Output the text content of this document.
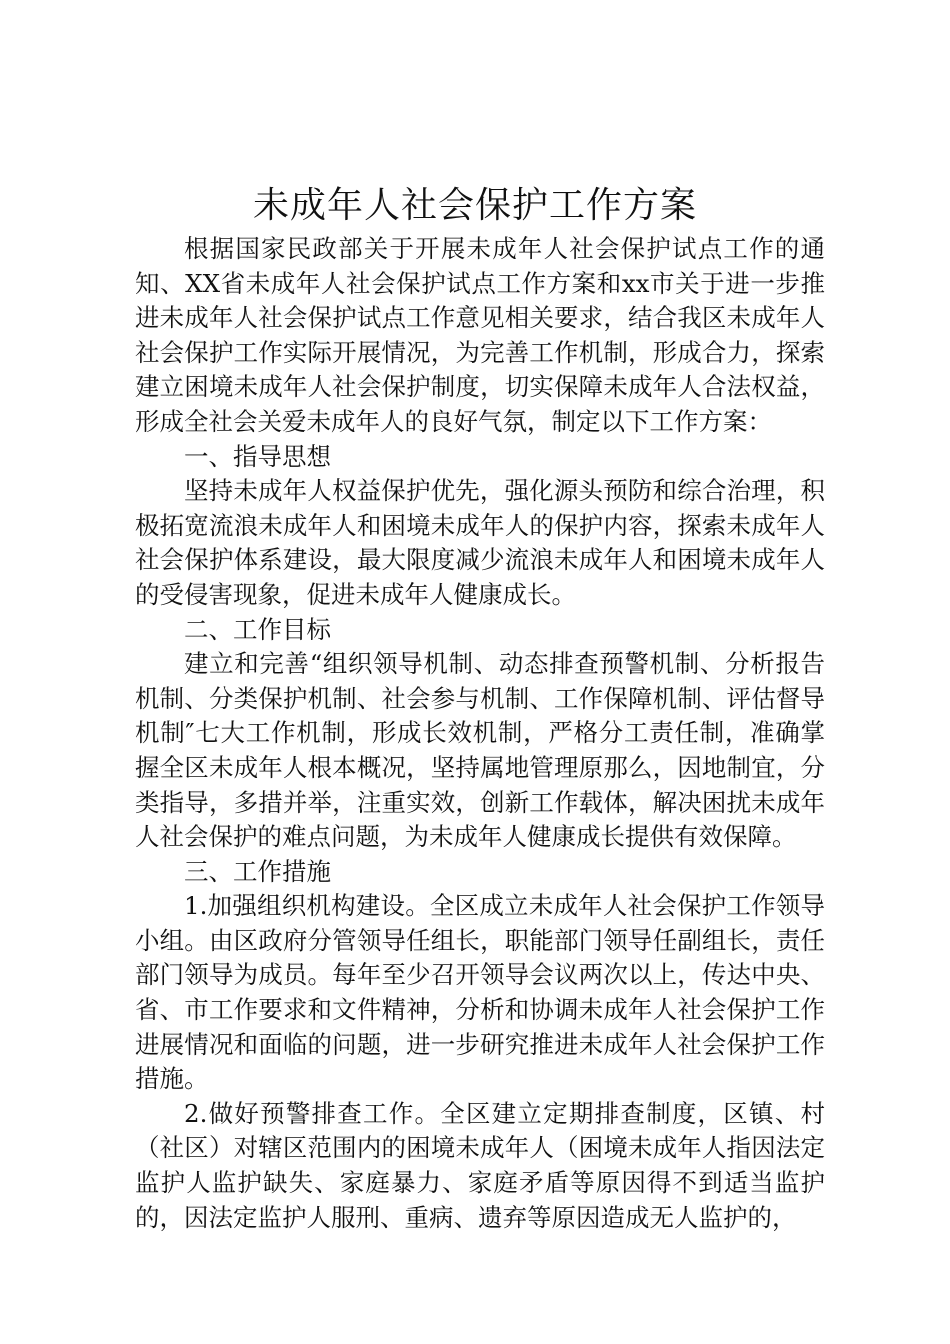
未成年人社会保护工作方案

根据国家民政部关于开展未成年人社会保护试点工作的通知、XX省未成年人社会保护试点工作方案和xx市关于进一步推进未成年人社会保护试点工作意见相关要求，结合我区未成年人社会保护工作实际开展情况，为完善工作机制，形成合力，探索建立困境未成年人社会保护制度，切实保障未成年人合法权益，形成全社会关爱未成年人的良好气氛，制定以下工作方案：

一、指导思想

坚持未成年人权益保护优先，强化源头预防和综合治理，积极拓宽流浪未成年人和困境未成年人的保护内容，探索未成年人社会保护体系建设，最大限度减少流浪未成年人和困境未成年人的受侵害现象，促进未成年人健康成长。

二、工作目标

建立和完善“组织领导机制、动态排查预警机制、分析报告机制、分类保护机制、社会参与机制、工作保障机制、评估督导机制″七大工作机制，形成长效机制，严格分工责任制，准确掌握全区未成年人根本概况，坚持属地管理原那么，因地制宜，分类指导，多措并举，注重实效，创新工作载体，解决困扰未成年人社会保护的难点问题，为未成年人健康成长提供有效保障。

三、工作措施

1.加强组织机构建设。全区成立未成年人社会保护工作领导小组。由区政府分管领导任组长，职能部门领导任副组长，责任部门领导为成员。每年至少召开领导会议两次以上，传达中央、省、市工作要求和文件精神，分析和协调未成年人社会保护工作进展情况和面临的问题，进一步研究推进未成年人社会保护工作措施。

2.做好预警排查工作。全区建立定期排查制度，区镇、村（社区）对辖区范围内的困境未成年人（困境未成年人指因法定监护人监护缺失、家庭暴力、家庭矛盾等原因得不到适当监护的，因法定监护人服刑、重病、遗弃等原因造成无人监护的，
